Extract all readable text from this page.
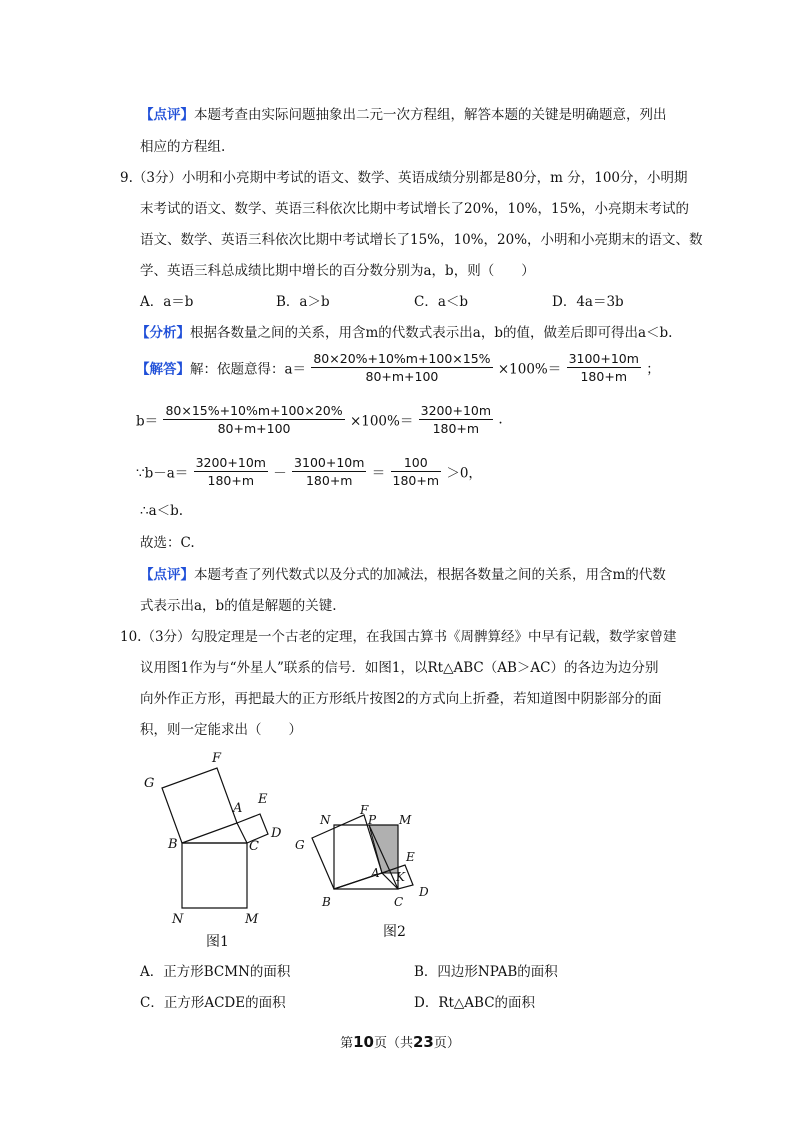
【点评】本题考查由实际问题抽象出二元一次方程组，解答本题的关键是明确题意，列出
相应的方程组.
9.（3分）小明和小亮期中考试的语文、数学、英语成绩分别都是80分，m 分，100分，小明期
末考试的语文、数学、英语三科依次比期中考试增长了20%，10%，15%，小亮期末考试的
语文、数学、英语三科依次比期中考试增长了15%，10%，20%，小明和小亮期末的语文、数
学、英语三科总成绩比期中增长的百分数分别为a，b，则（　　）
A．a＝b	B．a＞b	C．a＜b	D．4a＝3b
【分析】根据各数量之间的关系，用含m的代数式表示出a，b的值，做差后即可得出a＜b.
【解答】解：依题意得：$a= \frac{80\times 20\%+10\%m+100\times 15\%}{80+m+100} \times 100\%= \frac{3100+10m}{180+m}$ ；
$b= \frac{80\times 15\%+10\%m+100\times 20\%}{80+m+100} \times 100\%= \frac{3200+10m}{180+m}$ .
∵b－a＝ $\frac{3200+10m}{180+m} - \frac{3100+10m}{180+m} = \frac{100}{180+m} >0$，
∴a＜b.
故选：C.
【点评】本题考查了列代数式以及分式的加减法，根据各数量之间的关系，用含m的代数
式表示出a，b的值是解题的关键.
10.（3分）勾股定理是一个古老的定理，在我国古算书《周髀算经》中早有记载，数学家曾建
议用图1作为与“外星人”联系的信号．如图1，以Rt△ABC（AB＞AC）的各边为边分别
向外作正方形，再把最大的正方形纸片按图2的方式向上折叠，若知道图中阴影部分的面
积，则一定能求出（　　）
F
G
A
E
D
B	C
N	M
图1
F
P M
N
G
E
A K
B	C
D
图2
A．正方形BCMN的面积	B．四边形NPAB的面积
C．正方形ACDE的面积	D．Rt△ABC的面积
第10页（共23页）
